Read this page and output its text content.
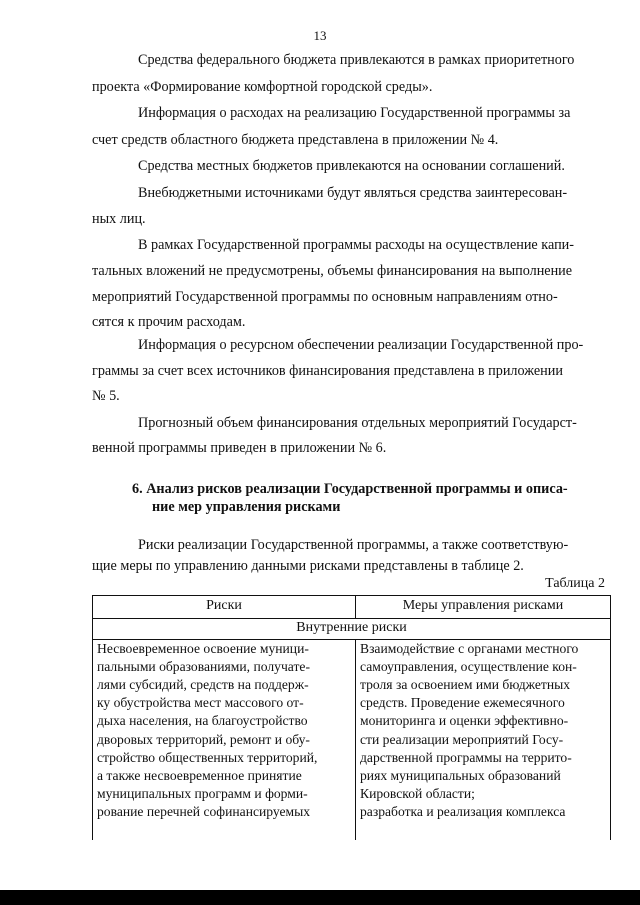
13
Средства федерального бюджета привлекаются в рамках приоритетного
проекта «Формирование комфортной городской среды».
Информация о расходах на реализацию Государственной программы за
счет средств областного бюджета представлена в приложении № 4.
Средства местных бюджетов привлекаются на основании соглашений.
Внебюджетными источниками будут являться средства заинтересован-
ных лиц.
В рамках Государственной программы расходы на осуществление капи-
тальных вложений не предусмотрены, объемы финансирования на выполнение
мероприятий Государственной программы по основным направлениям отно-
сятся к прочим расходам.
Информация о ресурсном обеспечении реализации Государственной про-
граммы за счет всех источников финансирования представлена в приложении
№ 5.
Прогнозный объем финансирования отдельных мероприятий Государст-
венной программы приведен в приложении № 6.
6. Анализ рисков реализации Государственной программы и описа-
ние мер управления рисками
Риски реализации Государственной программы, а также соответствую-
щие меры по управлению данными рисками представлены в таблице 2.
Таблица 2
Риски	Меры управления рисками
Внутренние риски
Несвоевременное освоение муници-
пальными образованиями, получате-
лями субсидий, средств на поддерж-
ку обустройства мест массового от-
дыха населения, на благоустройство
дворовых территорий, ремонт и обу-
стройство общественных территорий,
а также несвоевременное принятие
муниципальных программ и форми-
рование перечней софинансируемых
Взаимодействие с органами местного
самоуправления, осуществление кон-
троля за освоением ими бюджетных
средств. Проведение ежемесячного
мониторинга и оценки эффективно-
сти реализации мероприятий Госу-
дарственной программы на террито-
риях муниципальных образований
Кировской области;
разработка и реализация комплекса
